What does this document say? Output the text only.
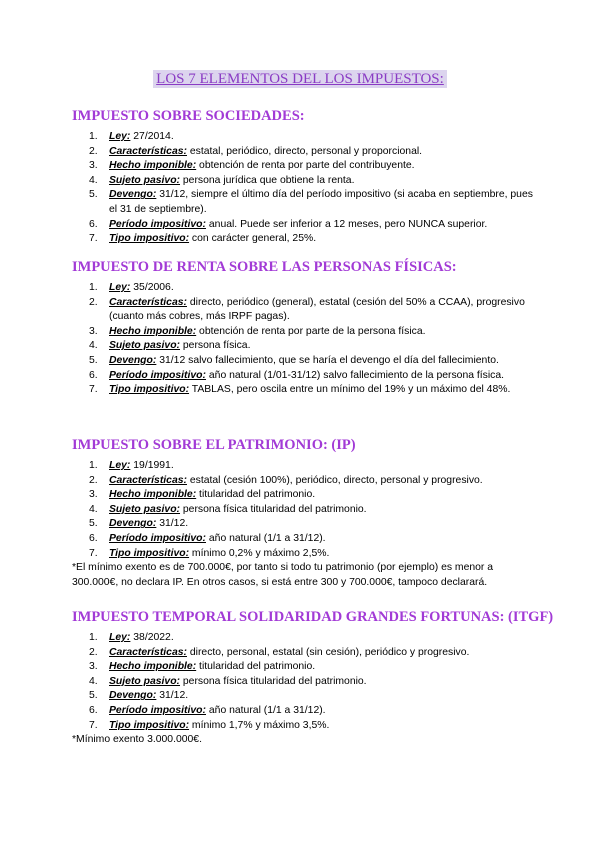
LOS 7 ELEMENTOS DEL LOS IMPUESTOS:
IMPUESTO SOBRE SOCIEDADES:
1. Ley: 27/2014.
2. Características: estatal, periódico, directo, personal y proporcional.
3. Hecho imponible: obtención de renta por parte del contribuyente.
4. Sujeto pasivo: persona jurídica que obtiene la renta.
5. Devengo: 31/12, siempre el último día del período impositivo (si acaba en septiembre, pues el 31 de septiembre).
6. Período impositivo: anual. Puede ser inferior a 12 meses, pero NUNCA superior.
7. Tipo impositivo: con carácter general, 25%.
IMPUESTO DE RENTA SOBRE LAS PERSONAS FÍSICAS:
1. Ley: 35/2006.
2. Características: directo, periódico (general), estatal (cesión del 50% a CCAA), progresivo (cuanto más cobres, más IRPF pagas).
3. Hecho imponible: obtención de renta por parte de la persona física.
4. Sujeto pasivo: persona física.
5. Devengo: 31/12 salvo fallecimiento, que se haría el devengo el día del fallecimiento.
6. Período impositivo: año natural (1/01-31/12) salvo fallecimiento de la persona física.
7. Tipo impositivo: TABLAS, pero oscila entre un mínimo del 19% y un máximo del 48%.
IMPUESTO SOBRE EL PATRIMONIO: (IP)
1. Ley: 19/1991.
2. Características: estatal (cesión 100%), periódico, directo, personal y progresivo.
3. Hecho imponible: titularidad del patrimonio.
4. Sujeto pasivo: persona física titularidad del patrimonio.
5. Devengo: 31/12.
6. Período impositivo: año natural (1/1 a 31/12).
7. Tipo impositivo: mínimo 0,2% y máximo 2,5%.
*El mínimo exento es de 700.000€, por tanto si todo tu patrimonio (por ejemplo) es menor a 300.000€, no declara IP. En otros casos, si está entre 300 y 700.000€, tampoco declarará.
IMPUESTO TEMPORAL SOLIDARIDAD GRANDES FORTUNAS: (ITGF)
1. Ley: 38/2022.
2. Características: directo, personal, estatal (sin cesión), periódico y progresivo.
3. Hecho imponible: titularidad del patrimonio.
4. Sujeto pasivo: persona física titularidad del patrimonio.
5. Devengo: 31/12.
6. Período impositivo: año natural (1/1 a 31/12).
7. Tipo impositivo: mínimo 1,7% y máximo 3,5%.
*Mínimo exento 3.000.000€.
